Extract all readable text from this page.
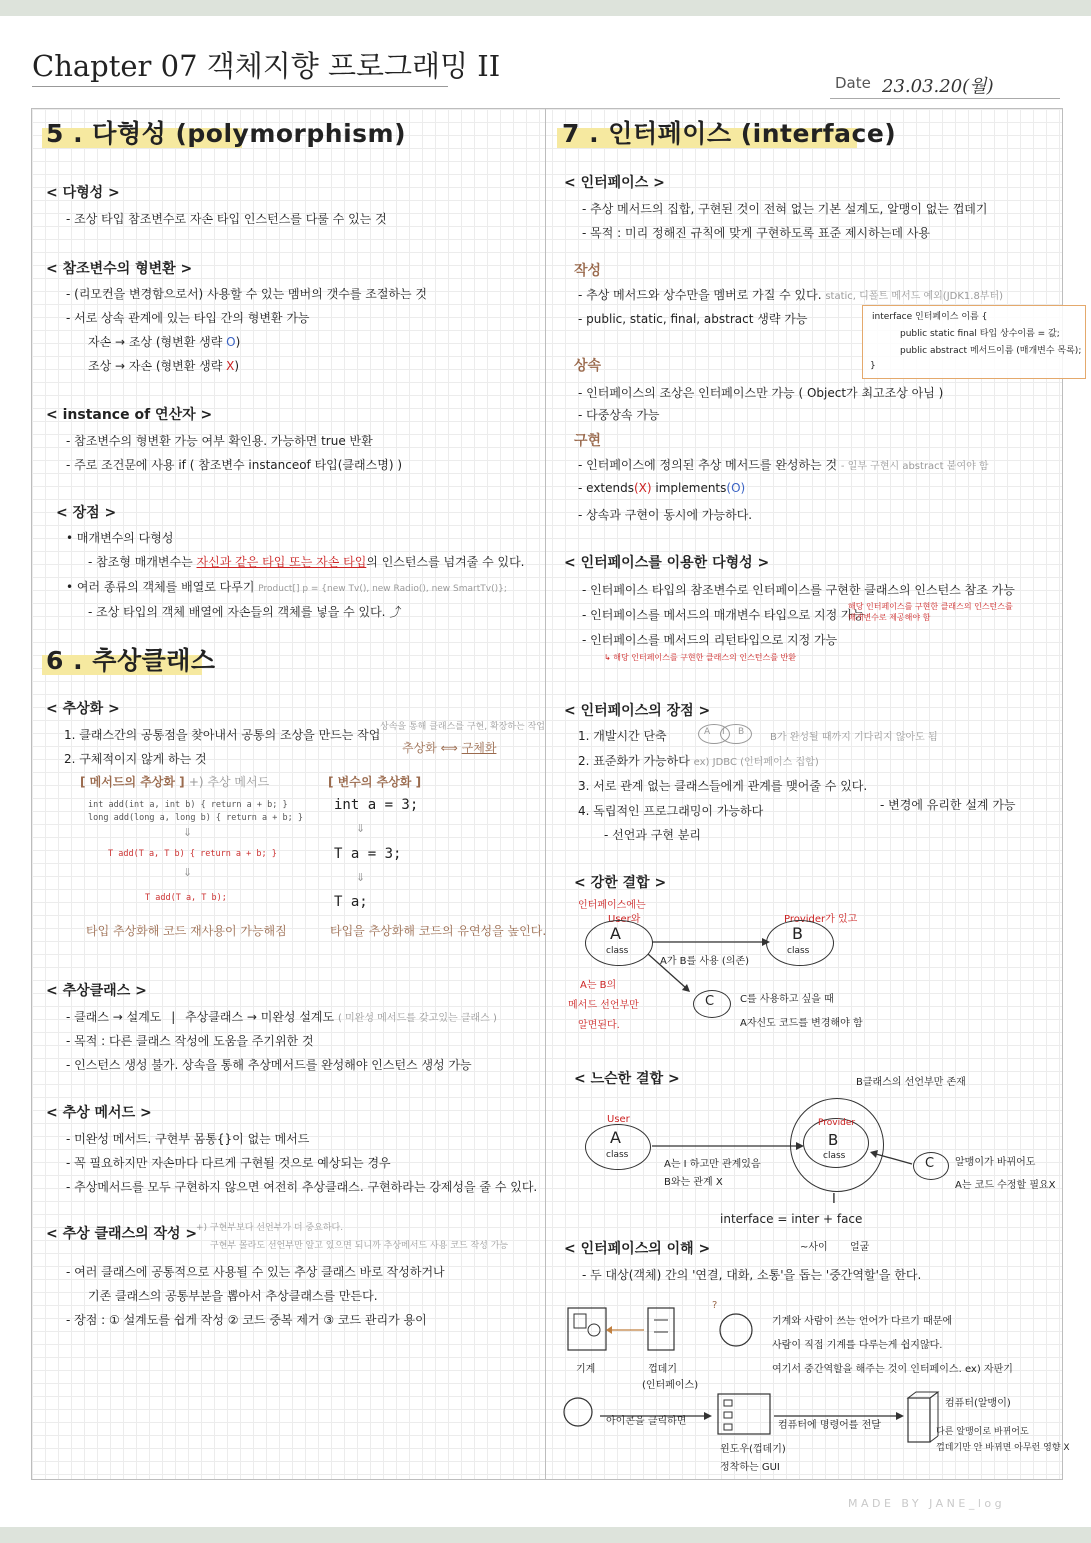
Chapter 07 객체지향 프로그래밍 II	Date 23.03.20(월)
5 . 다형성 (polymorphism)
< 다형성 >
- 조상 타입 참조변수로 자손 타입 인스턴스를 다룰 수 있는 것
< 참조변수의 형변환 >
- (리모컨을 변경함으로서) 사용할 수 있는 멤버의 갯수를 조절하는 것
- 서로 상속 관계에 있는 타입 간의 형변환 가능
자손 → 조상 (형변환 생략 O)
조상 → 자손 (형변환 생략 X)
< instance of 연산자 >
- 참조변수의 형변환 가능 여부 확인용. 가능하면 true 반환
- 주로 조건문에 사용 if ( 참조변수 instanceof 타입(클래스명) )
< 장점 >
• 매개변수의 다형성
- 참조형 매개변수는 자신과 같은 타입 또는 자손 타입의 인스턴스를 넘겨줄 수 있다.
• 여러 종류의 객체를 배열로 다루기 Product[] p = {new Tv(), new Radio(), new SmartTv()};
- 조상 타입의 객체 배열에 자손들의 객체를 넣을 수 있다. ⤴
6 . 추상클래스
< 추상화 >
1. 클래스간의 공통점을 찾아내서 공통의 조상을 만드는 작업
상속을 통해 클래스를 구현, 확장하는 작업
추상화 ⟺ 구체화
2. 구체적이지 않게 하는 것
[ 메서드의 추상화 ] +) 추상 메서드
int add(int a, int b) { return a + b; }
long add(long a, long b) { return a + b; }
⇓
T add(T a, T b) { return a + b; }
⇓
T add(T a, T b);
타입 추상화해 코드 재사용이 가능해짐
[ 변수의 추상화 ]
int a = 3;
⇓
T a = 3;
⇓
T a;
타입을 추상화해 코드의 유연성을 높인다.
< 추상클래스 >
- 클래스 → 설계도 | 추상클래스 → 미완성 설계도 ( 미완성 메서드를 갖고있는 클래스 )
- 목적 : 다른 클래스 작성에 도움을 주기위한 것
- 인스턴스 생성 불가. 상속을 통해 추상메서드를 완성해야 인스턴스 생성 가능
< 추상 메서드 >
- 미완성 메서드. 구현부 몸통{}이 없는 메서드
- 꼭 필요하지만 자손마다 다르게 구현될 것으로 예상되는 경우
- 추상메서드를 모두 구현하지 않으면 여전히 추상클래스. 구현하라는 강제성을 줄 수 있다.
< 추상 클래스의 작성 >
+) 구현부보다 선언부가 더 중요하다.
구현부 몰라도 선언부만 알고 있으면 되니까 추상메서드 사용 코드 작성 가능
- 여러 클래스에 공통적으로 사용될 수 있는 추상 클래스 바로 작성하거나
기존 클래스의 공통부분을 뽑아서 추상클래스를 만든다.
- 장점 : ① 설계도를 쉽게 작성 ② 코드 중복 제거 ③ 코드 관리가 용이
7 . 인터페이스 (interface)
< 인터페이스 >
- 추상 메서드의 집합, 구현된 것이 전혀 없는 기본 설계도, 알맹이 없는 껍데기
- 목적 : 미리 정해진 규칙에 맞게 구현하도록 표준 제시하는데 사용
작성
- 추상 메서드와 상수만을 멤버로 가질 수 있다. static, 디폴트 메서드 예외(JDK1.8부터)
- public, static, final, abstract 생략 가능	interface 인터페이스 이름 {
public static final 타입 상수이름 = 값;
public abstract 메서드이름 (매개변수 목록);
}
상속
- 인터페이스의 조상은 인터페이스만 가능 ( Object가 최고조상 아님 )
- 다중상속 가능
구현
- 인터페이스에 정의된 추상 메서드를 완성하는 것 - 일부 구현시 abstract 붙여야 함
- extends(X) implements(O)
- 상속과 구현이 동시에 가능하다.
< 인터페이스를 이용한 다형성 >
- 인터페이스 타입의 참조변수로 인터페이스를 구현한 클래스의 인스턴스 참조 가능
- 인터페이스를 메서드의 매개변수 타입으로 지정 가능
해당 인터페이스를 구현한 클래스의 인스턴스를
매개변수로 제공해야 함
- 인터페이스를 메서드의 리턴타입으로 지정 가능
↳ 해당 인터페이스를 구현한 클래스의 인스턴스를 반환
< 인터페이스의 장점 >
1. 개발시간 단축	A I B	B가 완성될 때까지 기다리지 않아도 됨
2. 표준화가 가능하다 ex) JDBC (인터페이스 집합)
3. 서로 관계 없는 클래스들에게 관계를 맺어줄 수 있다.
4. 독립적인 프로그래밍이 가능하다	- 변경에 유리한 설계 가능
- 선언과 구현 분리
< 강한 결합 >
인터페이스에는
User와
A
class
Provider가 있고
B
class
A가 B를 사용 (의존)
C	C를 사용하고 싶을 때
A자신도 코드를 변경해야 함
A는 B의
메서드 선언부만
알면된다.
< 느슨한 결합 >	B클래스의 선언부만 존재
User
A
class
Provider
B
class
I
A는 I 하고만 관계있음
B와는 관계 X
C 알맹이가 바뀌어도
A는 코드 수정할 필요X
interface = inter + face
~사이 얼굴
< 인터페이스의 이해 >
- 두 대상(객체) 간의 '연결, 대화, 소통'을 돕는 '중간역할'을 한다.
기계	껍데기
(인터페이스)
?
기계와 사람이 쓰는 언어가 다르기 때문에
사람이 직접 기계를 다루는게 쉽지않다.
여기서 중간역할을 해주는 것이 인터페이스. ex) 자판기
아이콘을 클릭하면
윈도우(껍데기)
정착하는 GUI
컴퓨터에 명령어를 전달
컴퓨터(알맹이)
다른 알맹이로 바뀌어도
껍데기만 안 바뀌면 아무런 영향 X
MADE BY JANE_log
